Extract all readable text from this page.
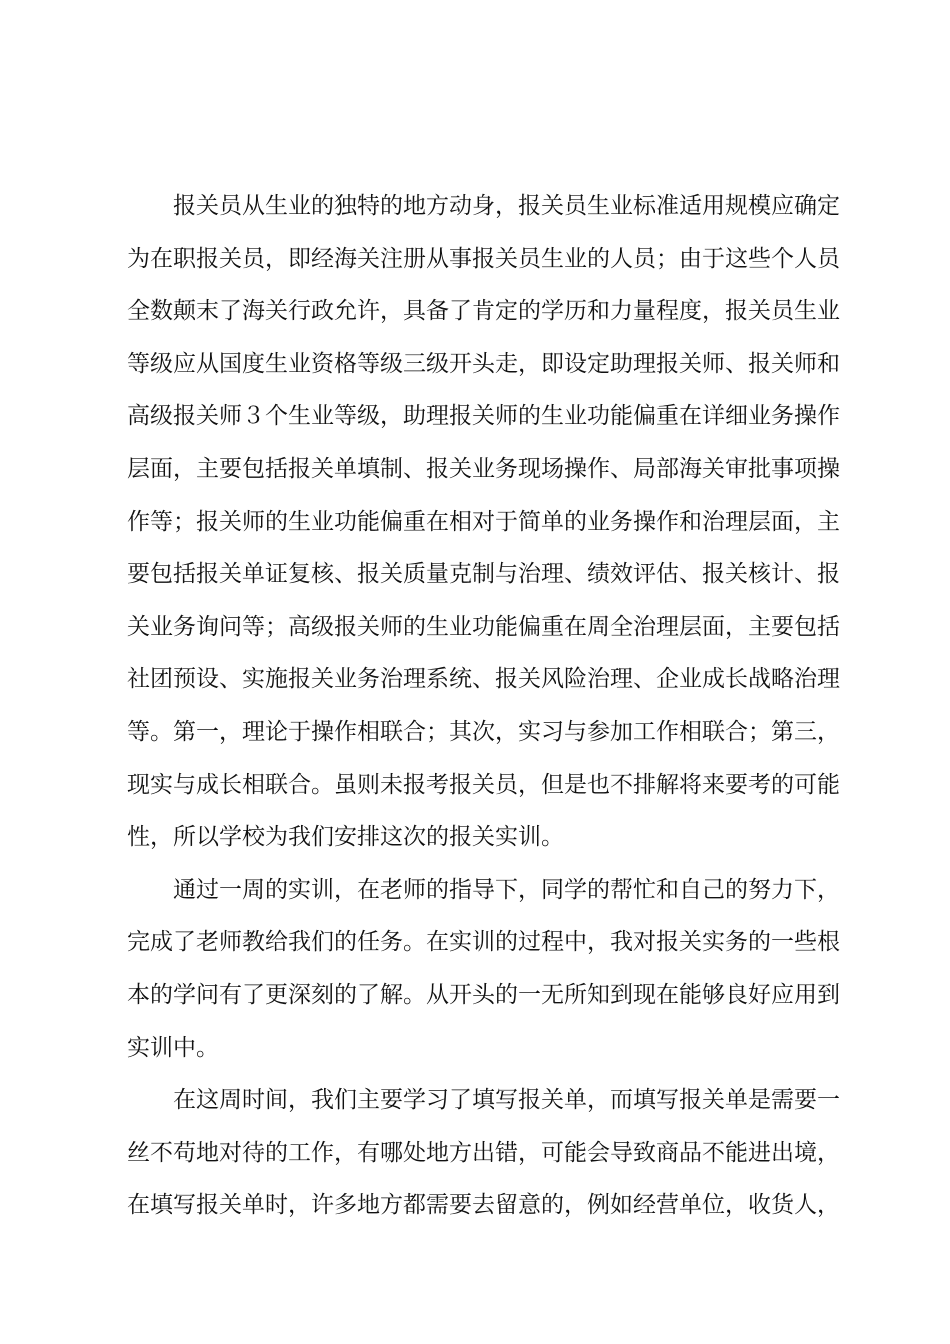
报关员从生业的独特的地方动身，报关员生业标准适用规模应确定
为在职报关员，即经海关注册从事报关员生业的人员；由于这些个人员
全数颠末了海关行政允许，具备了肯定的学历和力量程度，报关员生业
等级应从国度生业资格等级三级开头走，即设定助理报关师、报关师和
高级报关师３个生业等级，助理报关师的生业功能偏重在详细业务操作
层面，主要包括报关单填制、报关业务现场操作、局部海关审批事项操
作等；报关师的生业功能偏重在相对于简单的业务操作和治理层面，主
要包括报关单证复核、报关质量克制与治理、绩效评估、报关核计、报
关业务询问等；高级报关师的生业功能偏重在周全治理层面，主要包括
社团预设、实施报关业务治理系统、报关风险治理、企业成长战略治理
等。第一，理论于操作相联合；其次，实习与参加工作相联合；第三，
现实与成长相联合。虽则未报考报关员，但是也不排解将来要考的可能
性，所以学校为我们安排这次的报关实训。
通过一周的实训，在老师的指导下，同学的帮忙和自己的努力下，
完成了老师教给我们的任务。在实训的过程中，我对报关实务的一些根
本的学问有了更深刻的了解。从开头的一无所知到现在能够良好应用到
实训中。
在这周时间，我们主要学习了填写报关单，而填写报关单是需要一
丝不苟地对待的工作，有哪处地方出错，可能会导致商品不能进出境，
在填写报关单时，许多地方都需要去留意的，例如经营单位，收货人，
